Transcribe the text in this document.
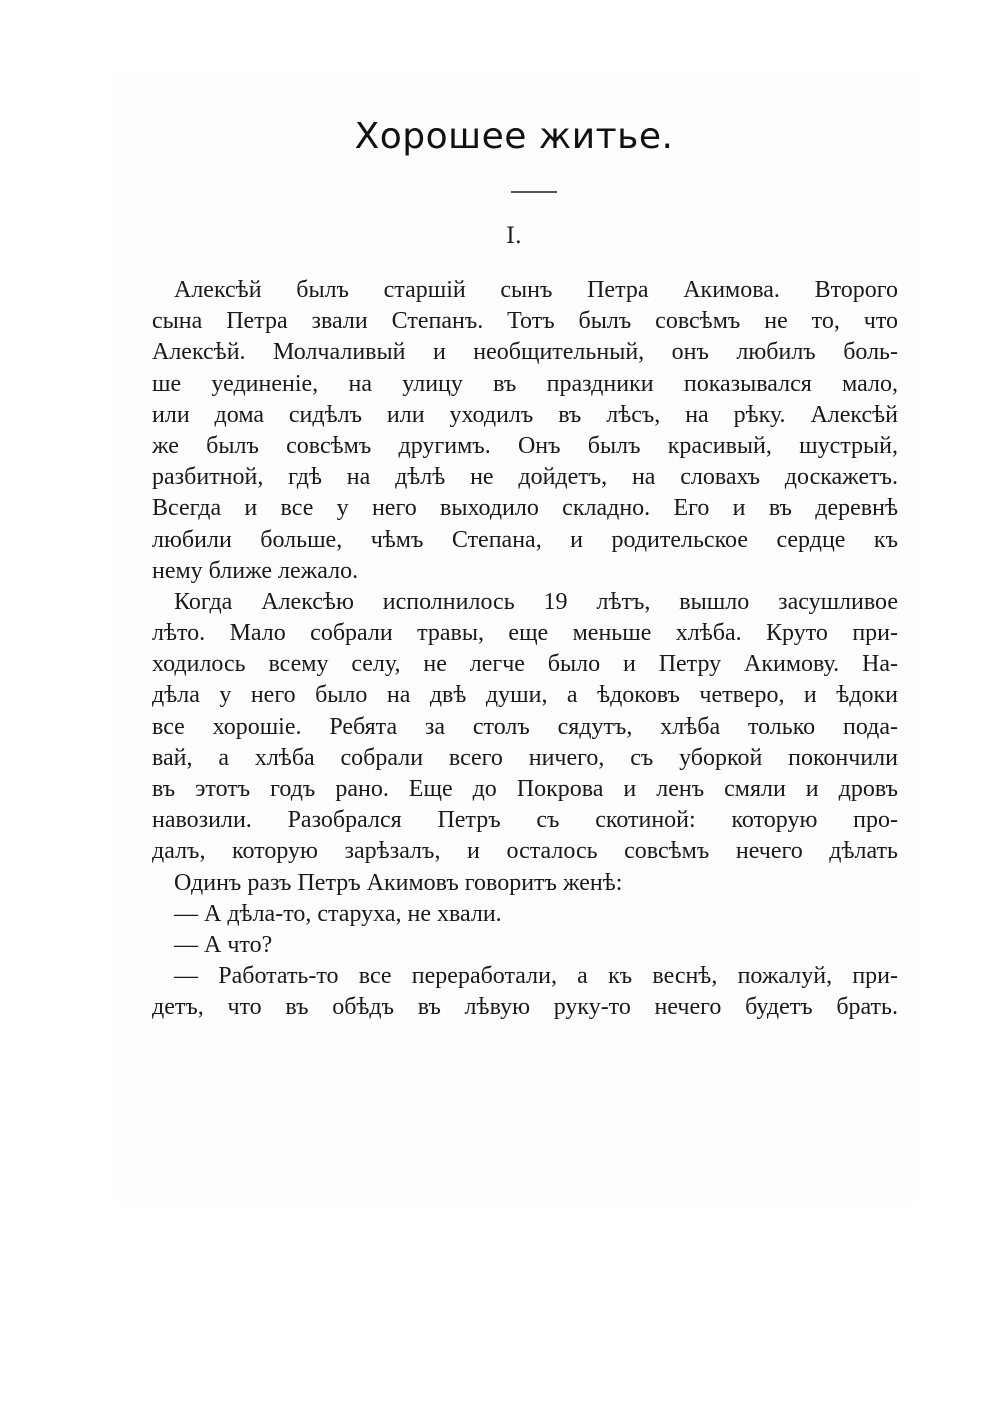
Хорошее житье.
I.
Алексѣй былъ старшій сынъ Петра Акимова. Второго
сына Петра звали Степанъ. Тотъ былъ совсѣмъ не то, что
Алексѣй. Молчаливый и необщительный, онъ любилъ боль-
ше уединеніе, на улицу въ праздники показывался мало,
или дома сидѣлъ или уходилъ въ лѣсъ, на рѣку. Алексѣй
же былъ совсѣмъ другимъ. Онъ былъ красивый, шустрый,
разбитной, гдѣ на дѣлѣ не дойдетъ, на словахъ доскажетъ.
Всегда и все у него выходило складно. Его и въ деревнѣ
любили больше, чѣмъ Степана, и родительское сердце къ
нему ближе лежало.
Когда Алексѣю исполнилось 19 лѣтъ, вышло засушливое
лѣто. Мало собрали травы, еще меньше хлѣба. Круто при-
ходилось всему селу, не легче было и Петру Акимову. На-
дѣла у него было на двѣ души, а ѣдоковъ четверо, и ѣдоки
все хорошіе. Ребята за столъ сядутъ, хлѣба только пода-
вай, а хлѣба собрали всего ничего, съ уборкой покончили
въ этотъ годъ рано. Еще до Покрова и ленъ смяли и дровъ
навозили. Разобрался Петръ съ скотиной: которую про-
далъ, которую зарѣзалъ, и осталось совсѣмъ нечего дѣлать
Одинъ разъ Петръ Акимовъ говоритъ женѣ:
— А дѣла-то, старуха, не хвали.
— А что?
— Работать-то все переработали, а къ веснѣ, пожалуй, при-
детъ, что въ обѣдъ въ лѣвую руку-то нечего будетъ брать.
